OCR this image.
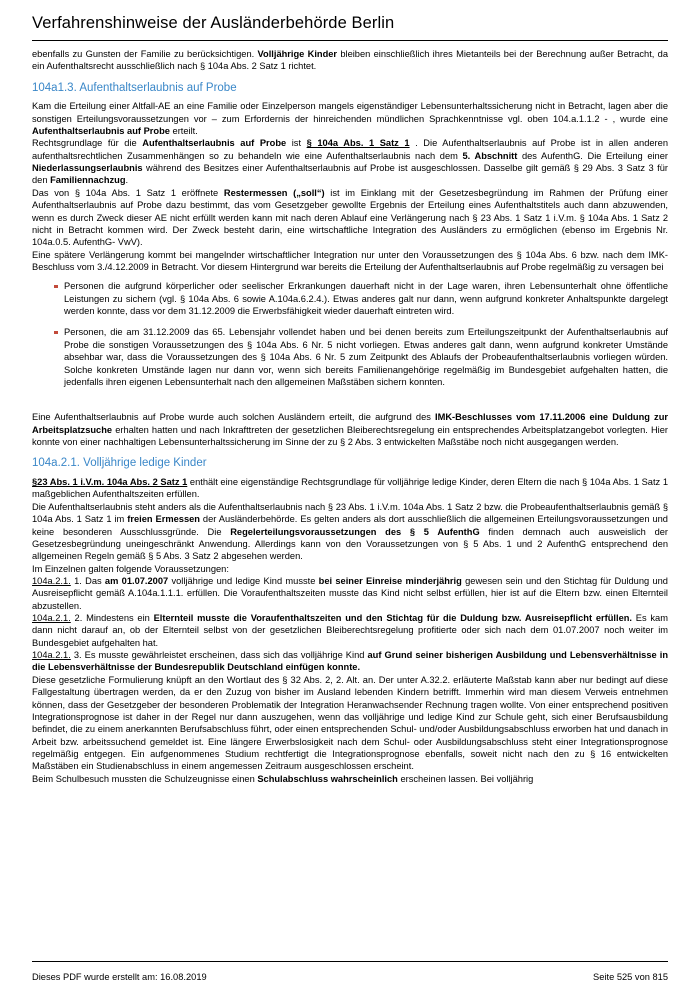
Verfahrenshinweise der Ausländerbehörde Berlin

ebenfalls zu Gunsten der Familie zu berücksichtigen. Volljährige Kinder bleiben einschließlich ihres Mietanteils bei der Berechnung außer Betracht, da ein Aufenthaltsrecht ausschließlich nach § 104a Abs. 2 Satz 1 richtet.

104a1.3. Aufenthaltserlaubnis auf Probe

Kam die Erteilung einer Altfall-AE an eine Familie oder Einzelperson mangels eigenständiger Lebensunterhaltssicherung nicht in Betracht, lagen aber die sonstigen Erteilungsvoraussetzungen vor – zum Erfordernis der hinreichenden mündlichen Sprachkenntnisse vgl. oben 104.a.1.1.2 - , wurde eine Aufenthaltserlaubnis auf Probe erteilt.

Rechtsgrundlage für die Aufenthaltserlaubnis auf Probe ist § 104a Abs. 1 Satz 1 . Die Aufenthaltserlaubnis auf Probe ist in allen anderen aufenthaltsrechtlichen Zusammenhängen so zu behandeln wie eine Aufenthaltserlaubnis nach dem 5. Abschnitt des AufenthG. Die Erteilung einer Niederlassungserlaubnis während des Besitzes einer Aufenthaltserlaubnis auf Probe ist ausgeschlossen. Dasselbe gilt gemäß § 29 Abs. 3 Satz 3 für den Familiennachzug.

Das von § 104a Abs. 1 Satz 1 eröffnete Restermessen („soll“) ist im Einklang mit der Gesetzesbegründung im Rahmen der Prüfung einer Aufenthaltserlaubnis auf Probe dazu bestimmt, das vom Gesetzgeber gewollte Ergebnis der Erteilung eines Aufenthaltstitels auch dann abzuwenden, wenn es durch Zweck dieser AE nicht erfüllt werden kann mit nach deren Ablauf eine Verlängerung nach § 23 Abs. 1 Satz 1 i.V.m. § 104a Abs. 1 Satz 2 nicht in Betracht kommen wird. Der Zweck besteht darin, eine wirtschaftliche Integration des Ausländers zu ermöglichen (ebenso im Ergebnis Nr. 104a.0.5. AufenthG- VwV).

Eine spätere Verlängerung kommt bei mangelnder wirtschaftlicher Integration nur unter den Voraussetzungen des § 104a Abs. 6 bzw. nach dem IMK- Beschluss vom 3./4.12.2009 in Betracht. Vor diesem Hintergrund war bereits die Erteilung der Aufenthaltserlaubnis auf Probe regelmäßig zu versagen bei

Personen die aufgrund körperlicher oder seelischer Erkrankungen dauerhaft nicht in der Lage waren, ihren Lebensunterhalt ohne öffentliche Leistungen zu sichern (vgl. § 104a Abs. 6 sowie A.104a.6.2.4.). Etwas anderes galt nur dann, wenn aufgrund konkreter Anhaltspunkte dargelegt werden konnte, dass vor dem 31.12.2009 die Erwerbsfähigkeit wieder dauerhaft eintreten wird.
Personen, die am 31.12.2009 das 65. Lebensjahr vollendet haben und bei denen bereits zum Erteilungszeitpunkt der Aufenthaltserlaubnis auf Probe die sonstigen Voraussetzungen des § 104a Abs. 6 Nr. 5 nicht vorliegen. Etwas anderes galt dann, wenn aufgrund konkreter Umstände absehbar war, dass die Voraussetzungen des § 104a Abs. 6 Nr. 5 zum Zeitpunkt des Ablaufs der Probeaufenthaltserlaubnis vorliegen würden. Solche konkreten Umstände lagen nur dann vor, wenn sich bereits Familienangehörige regelmäßig im Bundesgebiet aufgehalten hatten, die jedenfalls ihren eigenen Lebensunterhalt nach den allgemeinen Maßstäben sichern konnten.

Eine Aufenthaltserlaubnis auf Probe wurde auch solchen Ausländern erteilt, die aufgrund des IMK-Beschlusses vom 17.11.2006 eine Duldung zur Arbeitsplatzsuche erhalten hatten und nach Inkrafttreten der gesetzlichen Bleiberechtsregelung ein entsprechendes Arbeitsplatzangebot vorlegten. Hier konnte von einer nachhaltigen Lebensunterhaltssicherung im Sinne der zu § 2 Abs. 3 entwickelten Maßstäbe noch nicht ausgegangen werden.

104a.2.1. Volljährige ledige Kinder

§23 Abs. 1 i.V.m. 104a Abs. 2 Satz 1 enthält eine eigenständige Rechtsgrundlage für volljährige ledige Kinder, deren Eltern die nach § 104a Abs. 1 Satz 1 maßgeblichen Aufenthaltszeiten erfüllen.

Die Aufenthaltserlaubnis steht anders als die Aufenthaltserlaubnis nach § 23 Abs. 1 i.V.m. 104a Abs. 1 Satz 2 bzw. die Probeaufenthaltserlaubnis gemäß § 104a Abs. 1 Satz 1 im freien Ermessen der Ausländerbehörde. Es gelten anders als dort ausschließlich die allgemeinen Erteilungsvoraussetzungen und keine besonderen Ausschlussgründe. Die Regelerteilungsvoraussetzungen des § 5 AufenthG finden demnach auch ausweislich der Gesetzesbegründung uneingeschränkt Anwendung. Allerdings kann von den Voraussetzungen von § 5 Abs. 1 und 2 AufenthG entsprechend den allgemeinen Regeln gemäß § 5 Abs. 3 Satz 2 abgesehen werden.

Im Einzelnen galten folgende Voraussetzungen:

104a.2.1. 1. Das am 01.07.2007 volljährige und ledige Kind musste bei seiner Einreise minderjährig gewesen sein und den Stichtag für Duldung und Ausreisepflicht gemäß A.104a.1.1.1. erfüllen. Die Voraufenthaltszeiten musste das Kind nicht selbst erfüllen, hier ist auf die Eltern bzw. einen Elternteil abzustellen.

104a.2.1. 2. Mindestens ein Elternteil musste die Voraufenthaltszeiten und den Stichtag für die Duldung bzw. Ausreisepflicht erfüllen. Es kam dann nicht darauf an, ob der Elternteil selbst von der gesetzlichen Bleiberechtsregelung profitierte oder sich nach dem 01.07.2007 noch weiter im Bundesgebiet aufgehalten hat.

104a.2.1. 3. Es musste gewährleistet erscheinen, dass sich das volljährige Kind auf Grund seiner bisherigen Ausbildung und Lebensverhältnisse in die Lebensverhältnisse der Bundesrepublik Deutschland einfügen konnte.

Diese gesetzliche Formulierung knüpft an den Wortlaut des § 32 Abs. 2, 2. Alt. an. Der unter A.32.2. erläuterte Maßstab kann aber nur bedingt auf diese Fallgestaltung übertragen werden, da er den Zuzug von bisher im Ausland lebenden Kindern betrifft. Immerhin wird man diesem Verweis entnehmen können, dass der Gesetzgeber der besonderen Problematik der Integration Heranwachsender Rechnung tragen wollte. Von einer entsprechend positiven Integrationsprognose ist daher in der Regel nur dann auszugehen, wenn das volljährige und ledige Kind zur Schule geht, sich einer Berufsausbildung befindet, die zu einem anerkannten Berufsabschluss führt, oder einen entsprechenden Schul- und/oder Ausbildungsabschluss erworben hat und danach in Arbeit bzw. arbeitssuchend gemeldet ist. Eine längere Erwerbslosigkeit nach dem Schul- oder Ausbildungsabschluss steht einer Integrationsprognose regelmäßig entgegen. Ein aufgenommenes Studium rechtfertigt die Integrationsprognose ebenfalls, soweit nicht nach den zu § 16 entwickelten Maßstäben ein Studienabschluss in einem angemessen Zeitraum ausgeschlossen erscheint.

Beim Schulbesuch mussten die Schulzeugnisse einen Schulabschluss wahrscheinlich erscheinen lassen. Bei volljährig

Dieses PDF wurde erstellt am: 16.08.2019	Seite 525 von 815
